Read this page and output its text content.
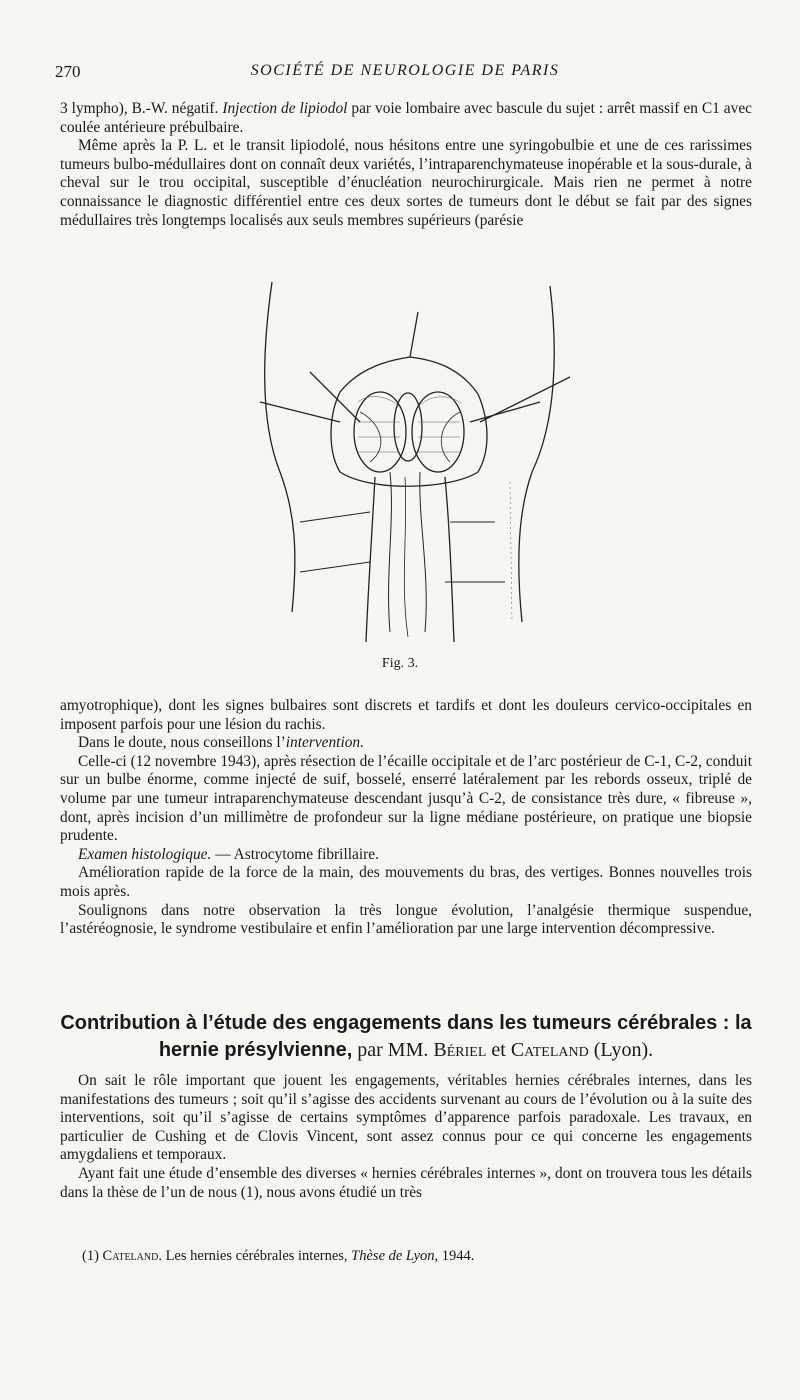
270	SOCIÉTÉ DE NEUROLOGIE DE PARIS

3 lympho), B.-W. négatif. Injection de lipiodol par voie lombaire avec bascule du sujet : arrêt massif en C1 avec coulée antérieure prébulbaire.

Même après la P. L. et le transit lipiodolé, nous hésitons entre une syringobulbie et une de ces rarissimes tumeurs bulbo-médullaires dont on connaît deux variétés, l’intraparenchymateuse inopérable et la sous-durale, à cheval sur le trou occipital, susceptible d’énucléation neurochirurgicale. Mais rien ne permet à notre connaissance le diagnostic différentiel entre ces deux sortes de tumeurs dont le début se fait par des signes médullaires très longtemps localisés aux seuls membres supérieurs (parésie

Fig. 3.

amyotrophique), dont les signes bulbaires sont discrets et tardifs et dont les douleurs cervico-occipitales en imposent parfois pour une lésion du rachis.

Dans le doute, nous conseillons l’intervention.

Celle-ci (12 novembre 1943), après résection de l’écaille occipitale et de l’arc postérieur de C-1, C-2, conduit sur un bulbe énorme, comme injecté de suif, bosselé, enserré latéralement par les rebords osseux, triplé de volume par une tumeur intraparenchymateuse descendant jusqu’à C-2, de consistance très dure, « fibreuse », dont, après incision d’un millimètre de profondeur sur la ligne médiane postérieure, on pratique une biopsie prudente.

Examen histologique. — Astrocytome fibrillaire.

Amélioration rapide de la force de la main, des mouvements du bras, des vertiges. Bonnes nouvelles trois mois après.

Soulignons dans notre observation la très longue évolution, l’analgésie thermique suspendue, l’astéréognosie, le syndrome vestibulaire et enfin l’amélioration par une large intervention décompressive.

Contribution à l’étude des engagements dans les tumeurs cérébrales : la hernie présylvienne, par MM. Bériel et Cateland (Lyon).

On sait le rôle important que jouent les engagements, véritables hernies cérébrales internes, dans les manifestations des tumeurs ; soit qu’il s’agisse des accidents survenant au cours de l’évolution ou à la suite des interventions, soit qu’il s’agisse de certains symptômes d’apparence parfois paradoxale. Les travaux, en particulier de Cushing et de Clovis Vincent, sont assez connus pour ce qui concerne les engagements amygdaliens et temporaux.

Ayant fait une étude d’ensemble des diverses « hernies cérébrales internes », dont on trouvera tous les détails dans la thèse de l’un de nous (1), nous avons étudié un très

(1) Cateland. Les hernies cérébrales internes, Thèse de Lyon, 1944.
